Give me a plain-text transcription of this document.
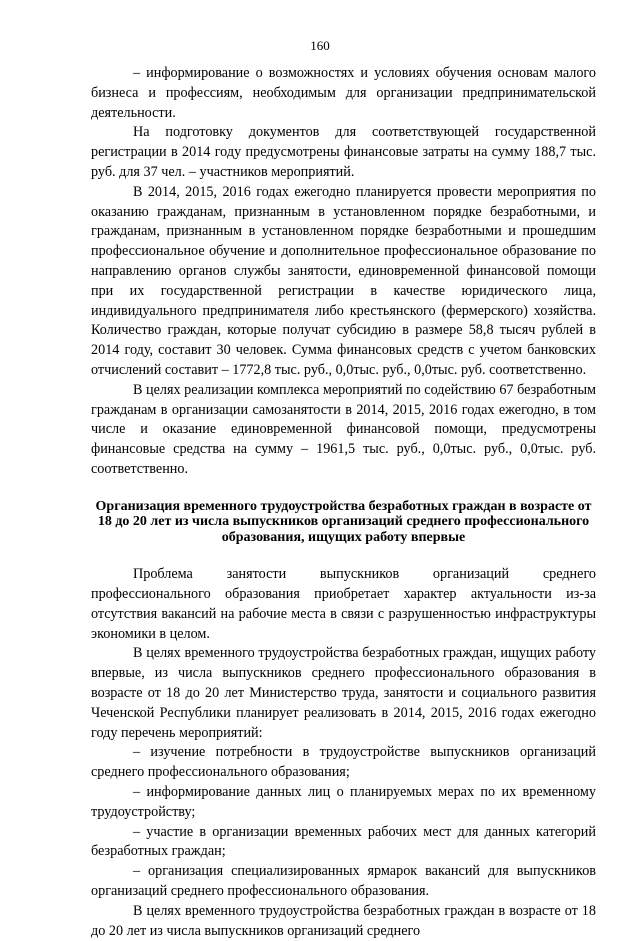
160

– информирование о возможностях и условиях обучения основам малого бизнеса и профессиям, необходимым для организации предпринимательской деятельности.

На подготовку документов для соответствующей государственной регистрации в 2014 году предусмотрены финансовые затраты на сумму 188,7 тыс. руб. для 37 чел. – участников мероприятий.

В 2014, 2015, 2016 годах ежегодно планируется провести мероприятия по оказанию гражданам, признанным в установленном порядке безработными, и гражданам, признанным в установленном порядке безработными и прошедшим профессиональное обучение и дополнительное профессиональное образование по направлению органов службы занятости, единовременной финансовой помощи при их государственной регистрации в качестве юридического лица, индивидуального предпринимателя либо крестьянского (фермерского) хозяйства. Количество граждан, которые получат субсидию в размере 58,8 тысяч рублей в 2014 году, составит 30 человек. Сумма финансовых средств с учетом банковских отчислений составит – 1772,8 тыс. руб., 0,0тыс. руб., 0,0тыс. руб. соответственно.

В целях реализации комплекса мероприятий по содействию 67 безработным гражданам в организации самозанятости в 2014, 2015, 2016 годах ежегодно, в том числе и оказание единовременной финансовой помощи, предусмотрены финансовые средства на сумму – 1961,5 тыс. руб., 0,0тыс. руб., 0,0тыс. руб. соответственно.

Организация временного трудоустройства безработных граждан в возрасте от 18 до 20 лет из числа выпускников организаций среднего профессионального образования, ищущих работу впервые

Проблема занятости выпускников организаций среднего профессионального образования приобретает характер актуальности из-за отсутствия вакансий на рабочие места в связи с разрушенностью инфраструктуры экономики в целом.

В целях временного трудоустройства безработных граждан, ищущих работу впервые, из числа выпускников среднего профессионального образования в возрасте от 18 до 20 лет Министерство труда, занятости и социального развития Чеченской Республики планирует реализовать в 2014, 2015, 2016 годах ежегодно году перечень мероприятий:

– изучение потребности в трудоустройстве выпускников организаций среднего профессионального образования;

– информирование данных лиц о планируемых мерах по их временному трудоустройству;

– участие в организации временных рабочих мест для данных категорий безработных граждан;

– организация специализированных ярмарок вакансий для выпускников организаций среднего профессионального образования.

В целях временного трудоустройства безработных граждан в возрасте от 18 до 20 лет из числа выпускников организаций среднего
